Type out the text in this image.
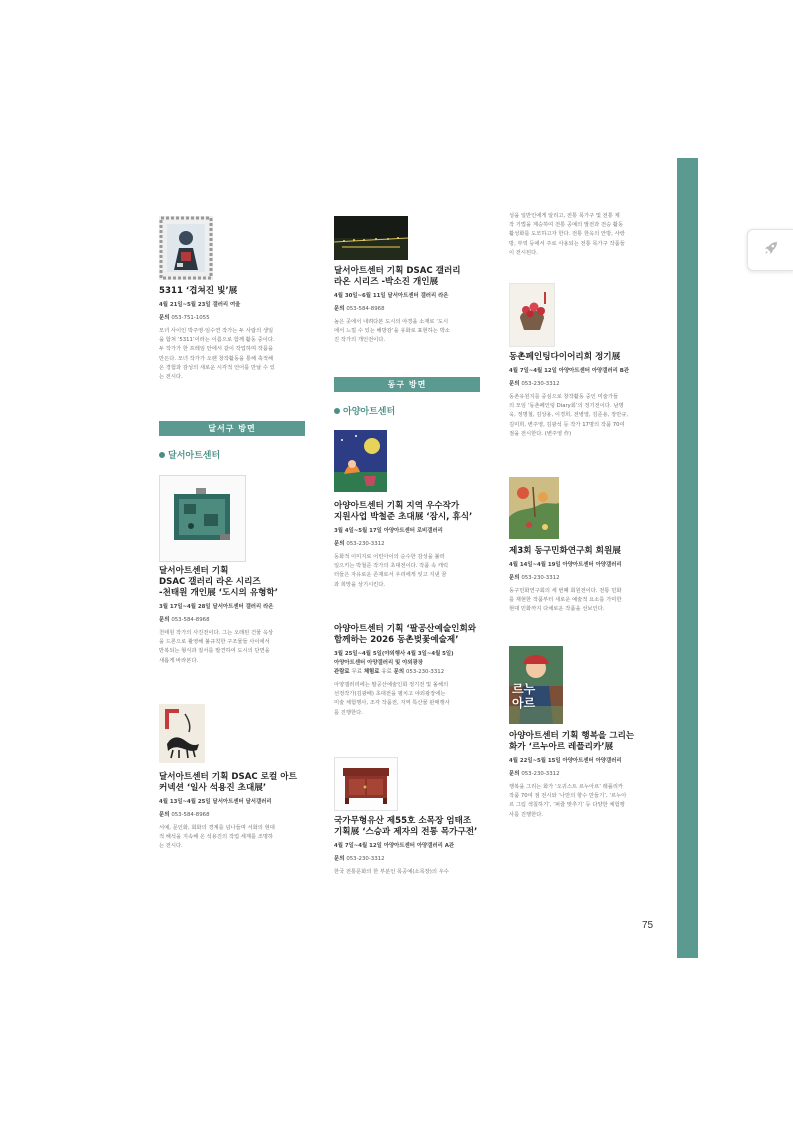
5311 ‘겹쳐진 빛’展
4월 21일~5월 23일 갤러리 여울
문의 053-751-1055
모녀 사이인 박주영·임수연 작가는 두 사람의 생일
을 합쳐 ‘5311’이라는 이름으로 함께 활동 중이다.
두 작가가 한 프레임 안에서 같이 작업하며 작품을
만든다. 모녀 작가가 오랜 창작활동을 통해 축적해
온 경험과 감성의 새로운 시각적 언어를 만날 수 있
는 전시다.
달서구 방면
달서아트센터
달서아트센터 기획
DSAC 갤러리 라온 시리즈
-천태원 개인展 ‘도시의 유형학’
3월 17일~4월 28일 달서아트센터 갤러리 라온
문의 053-584-8968
천태원 작가의 사진전이다. 그는 오래된 건물 옥상
을 드론으로 촬영해 불규칙한 구조물들 사이에서
반복되는 형식과 질서를 발견하여 도시의 단면을
새롭게 바라본다.
달서아트센터 기획 DSAC 로컬 아트
커넥션 ‘일사 석용진 초대展’
4월 13일~4월 25일 달서아트센터 달서갤러리
문의 053-584-8968
서예, 문인화, 회화의 경계를 넘나들며 서화의 현대
적 해석을 지속해 온 석용진의 작업 세계를 조명하
는 전시다.
달서아트센터 기획 DSAC 갤러리
라온 시리즈 -박소진 개인展
4월 30일~6월 11일 달서아트센터 갤러리 라온
문의 053-584-8968
높은 곳에서 내려다본 도시의 야경을 소재로 ‘도시
에서 느낄 수 있는 해방감’을 유화로 표현하는 박소
진 작가의 개인전이다.
동구 방면
아양아트센터
아양아트센터 기획 지역 우수작가
지원사업 박철준 초대展 ‘잠시, 휴식’
3월 4일~5월 17일 아양아트센터 로비갤러리
문의 053-230-3312
동화적 이미지로 어린아이의 순수한 감성을 불러
일으키는 박철준 작가의 초대전이다. 작품 속 캐릭
터들은 자유로운 존재로서 우리에게 잊고 지낸 꿈
과 희망을 상기시킨다.
아양아트센터 기획 ‘팔공산예술인회와
함께하는 2026 동촌벚꽃예술제’
3월 25일~4월 5일(야외행사 4월 3일~4월 5일)
아양아트센터 아양갤러리 및 야외광장
관람료 무료 체험료 유료 문의 053-230-3312
아양갤러리에는 팔공산예술인회 정기전 및 올해의
선정작가(김광배) 초대전을 펼치고 야외광장에는
미술 체험행사, 조각 작품전, 지역 특산물 판매행사
를 진행한다.
국가무형유산 제55호 소목장 엄태조
기획展 ‘스승과 제자의 전통 목가구전’
4월 7일~4월 12일 아양아트센터 아양갤러리 A관
문의 053-230-3312
한국 전통문화의 한 부분인 목공예(소목장)의 우수
성을 일반인에게 알리고, 전통 목가구 및 전통 제
작 기법을 계승하여 전통 공예의 발전과 전승 활동
활성화를 도모하고자 한다. 전통 한옥의 안방, 사랑
방, 부엌 등에서 주로 사용되는 전통 목가구 작품들
이 전시된다.
동촌페인팅다이어리회 정기展
4월 7일~4월 12일 아양아트센터 아양갤러리 B관
문의 053-230-3312
동촌유원지를 중심으로 창작활동 중인 미술가들
의 모임 ‘동촌페인팅 Diary회’의 정기전이다. 남명
욱, 정명철, 김상용, 이경희, 전병열, 김준용, 장만규,
김미희, 변주영, 김광석 등 작가 17명의 작품 70여
점을 전시한다. (변주영 作)
제3회 동구민화연구회 회원展
4월 14일~4월 19일 아양아트센터 아양갤러리
문의 053-230-3312
동구민화연구회의 세 번째 회원전이다. 전통 민화
를 재현한 작품부터 새로운 예술적 요소를 가미한
현대 민화까지 다채로운 작품을 선보인다.
르누아르
아양아트센터 기획 행복을 그리는
화가 ‘르누아르 레플리카’展
4월 22일~5월 15일 아양아트센터 아양갤러리
문의 053-230-3312
행복을 그리는 화가 ‘오귀스트 르누아르’ 레플리카
작품 70여 점 전시와 ‘나만의 향수 만들기’, ‘르누아
르 그림 색칠하기’, ‘퍼즐 맞추기’ 등 다양한 체험행
사를 진행한다.
75
